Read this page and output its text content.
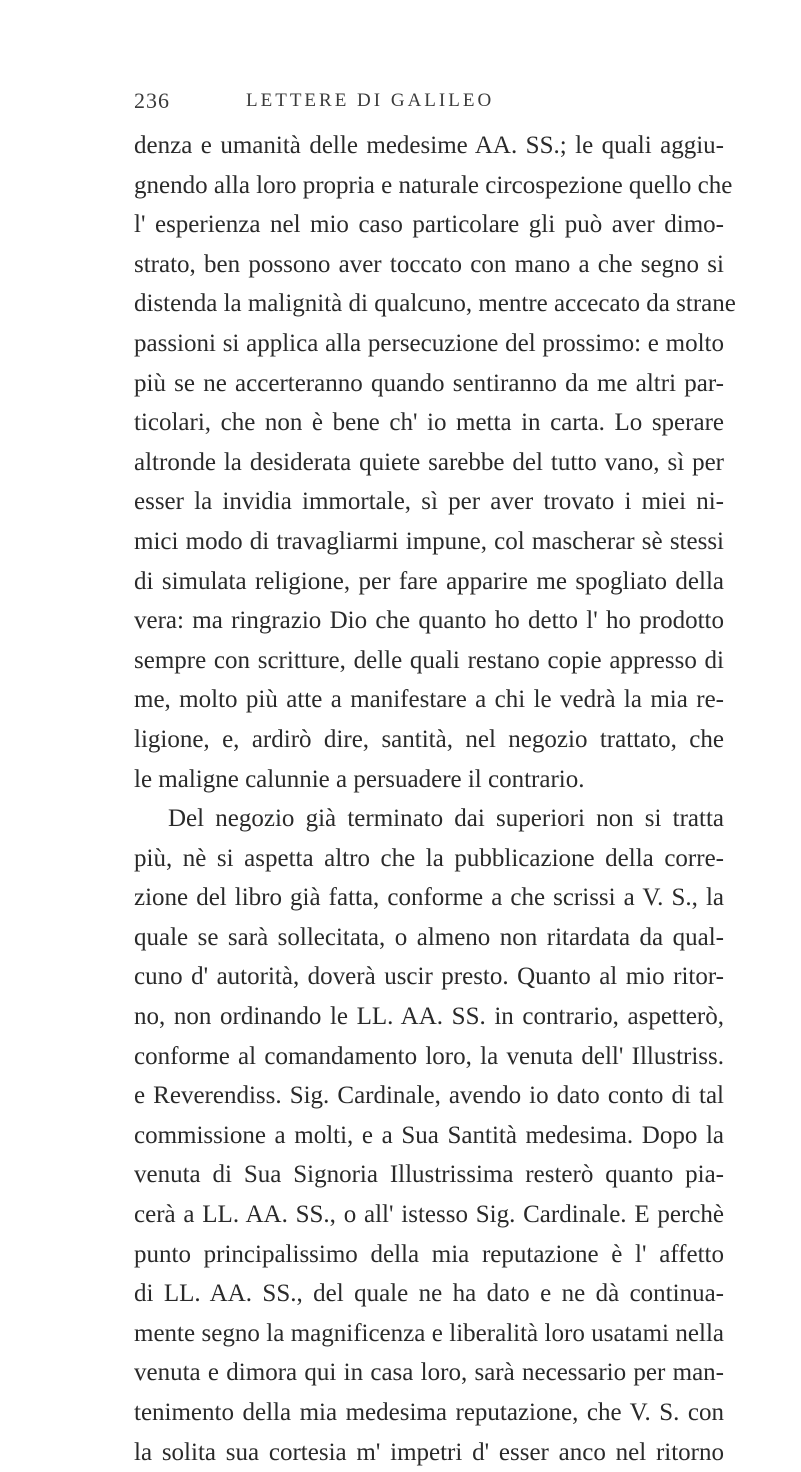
236	LETTERE DI GALILEO
denza e umanità delle medesime AA. SS.; le quali aggiu-
gnendo alla loro propria e naturale circospezione quello che
l' esperienza nel mio caso particolare gli può aver dimo-
strato, ben possono aver toccato con mano a che segno si
distenda la malignità di qualcuno, mentre accecato da strane
passioni si applica alla persecuzione del prossimo: e molto
più se ne accerteranno quando sentiranno da me altri par-
ticolari, che non è bene ch' io metta in carta. Lo sperare
altronde la desiderata quiete sarebbe del tutto vano, sì per
esser la invidia immortale, sì per aver trovato i miei ni-
mici modo di travagliarmi impune, col mascherar sè stessi
di simulata religione, per fare apparire me spogliato della
vera: ma ringrazio Dio che quanto ho detto l' ho prodotto
sempre con scritture, delle quali restano copie appresso di
me, molto più atte a manifestare a chi le vedrà la mia re-
ligione, e, ardirò dire, santità, nel negozio trattato, che
le maligne calunnie a persuadere il contrario.
Del negozio già terminato dai superiori non si tratta
più, nè si aspetta altro che la pubblicazione della corre-
zione del libro già fatta, conforme a che scrissi a V. S., la
quale se sarà sollecitata, o almeno non ritardata da qual-
cuno d' autorità, doverà uscir presto. Quanto al mio ritor-
no, non ordinando le LL. AA. SS. in contrario, aspetterò,
conforme al comandamento loro, la venuta dell' Illustriss.
e Reverendiss. Sig. Cardinale, avendo io dato conto di tal
commissione a molti, e a Sua Santità medesima. Dopo la
venuta di Sua Signoria Illustrissima resterò quanto pia-
cerà a LL. AA. SS., o all' istesso Sig. Cardinale. E perchè
punto principalissimo della mia reputazione è l' affetto
di LL. AA. SS., del quale ne ha dato e ne dà continua-
mente segno la magnificenza e liberalità loro usatami nella
venuta e dimora qui in casa loro, sarà necessario per man-
tenimento della mia medesima reputazione, che V. S. con
la solita sua cortesia m' impetri d' esser anco nel ritorno
